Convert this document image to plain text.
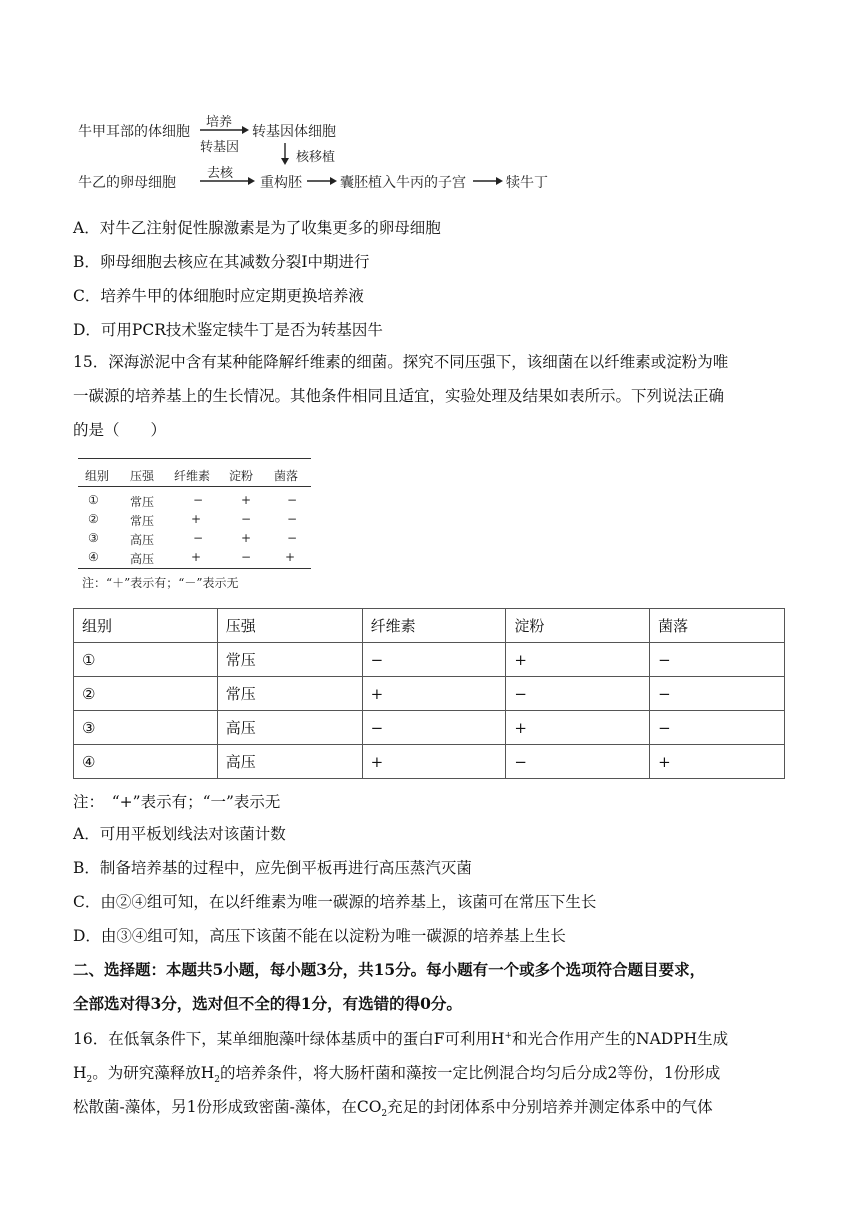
牛甲耳部的体细胞
培养
转基因
转基因体细胞
核移植
牛乙的卵母细胞
去核
重构胚	囊胚植入牛丙的子宫	犊牛丁
A．对牛乙注射促性腺激素是为了收集更多的卵母细胞
B．卵母细胞去核应在其减数分裂Ⅰ中期进行
C．培养牛甲的体细胞时应定期更换培养液
D．可用PCR技术鉴定犊牛丁是否为转基因牛
15．深海淤泥中含有某种能降解纤维素的细菌。探究不同压强下，该细菌在以纤维素或淀粉为唯
一碳源的培养基上的生长情况。其他条件相同且适宜，实验处理及结果如表所示。下列说法正确
的是（　　）
组别 压强 纤维素 淀粉 菌落
①	常压	−	+	−
②	常压	+	−	−
③	高压	−	+	−
④	高压	+	−	+
注：“＋”表示有；“－”表示无
组别	压强	纤维素	淀粉	菌落
①	常压	−	+	−
②	常压	+	−	−
③	高压	−	+	−
④	高压	+	−	+
注：　“+”表示有；“一”表示无
A．可用平板划线法对该菌计数
B．制备培养基的过程中，应先倒平板再进行高压蒸汽灭菌
C．由②④组可知，在以纤维素为唯一碳源的培养基上，该菌可在常压下生长
D．由③④组可知，高压下该菌不能在以淀粉为唯一碳源的培养基上生长
二、选择题：本题共5小题，每小题3分，共15分。每小题有一个或多个选项符合题目要求，
全部选对得3分，选对但不全的得1分，有选错的得0分。
16．在低氧条件下，某单细胞藻叶绿体基质中的蛋白F可利用H+和光合作用产生的NADPH生成
$H_2$。为研究藻释放$H_2$的培养条件，将大肠杆菌和藻按一定比例混合均匀后分成2等份，1份形成
松散菌-藻体，另1份形成致密菌-藻体，在$CO_2$充足的封闭体系中分别培养并测定体系中的气体
